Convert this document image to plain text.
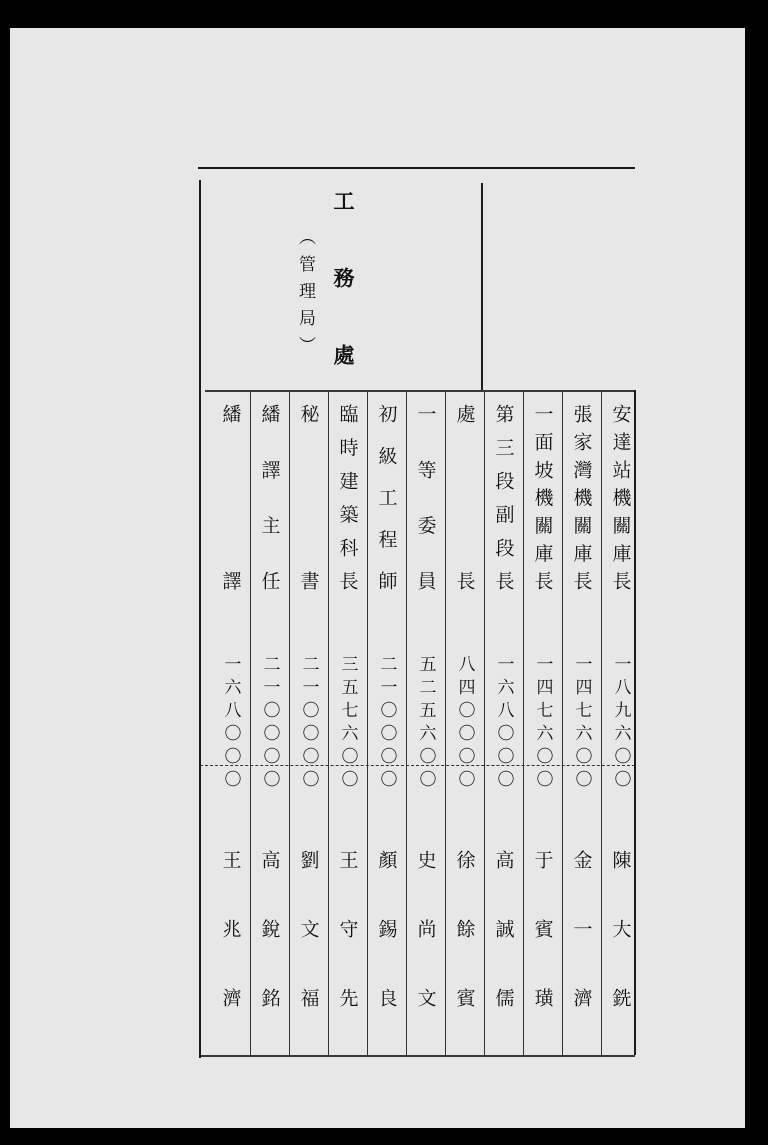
工務處
（管理局）
安達站機關庫長
一八九六〇〇
陳大銑
張家灣機關庫長
一四七六〇〇
金一濟
一面坡機關庫長
一四七六〇〇
于賓璜
第三段副段長
一六八〇〇〇
高誠儒
處長
八四〇〇〇〇
徐餘賓
一等委員
五二五六〇〇
史尚文
初級工程師
二一〇〇〇〇
顏錫良
臨時建築科長
三五七六〇〇
王守先
秘書
二一〇〇〇〇
劉文福
繙譯主任
二一〇〇〇〇
高銳銘
繙譯
一六八〇〇〇
王兆濟
